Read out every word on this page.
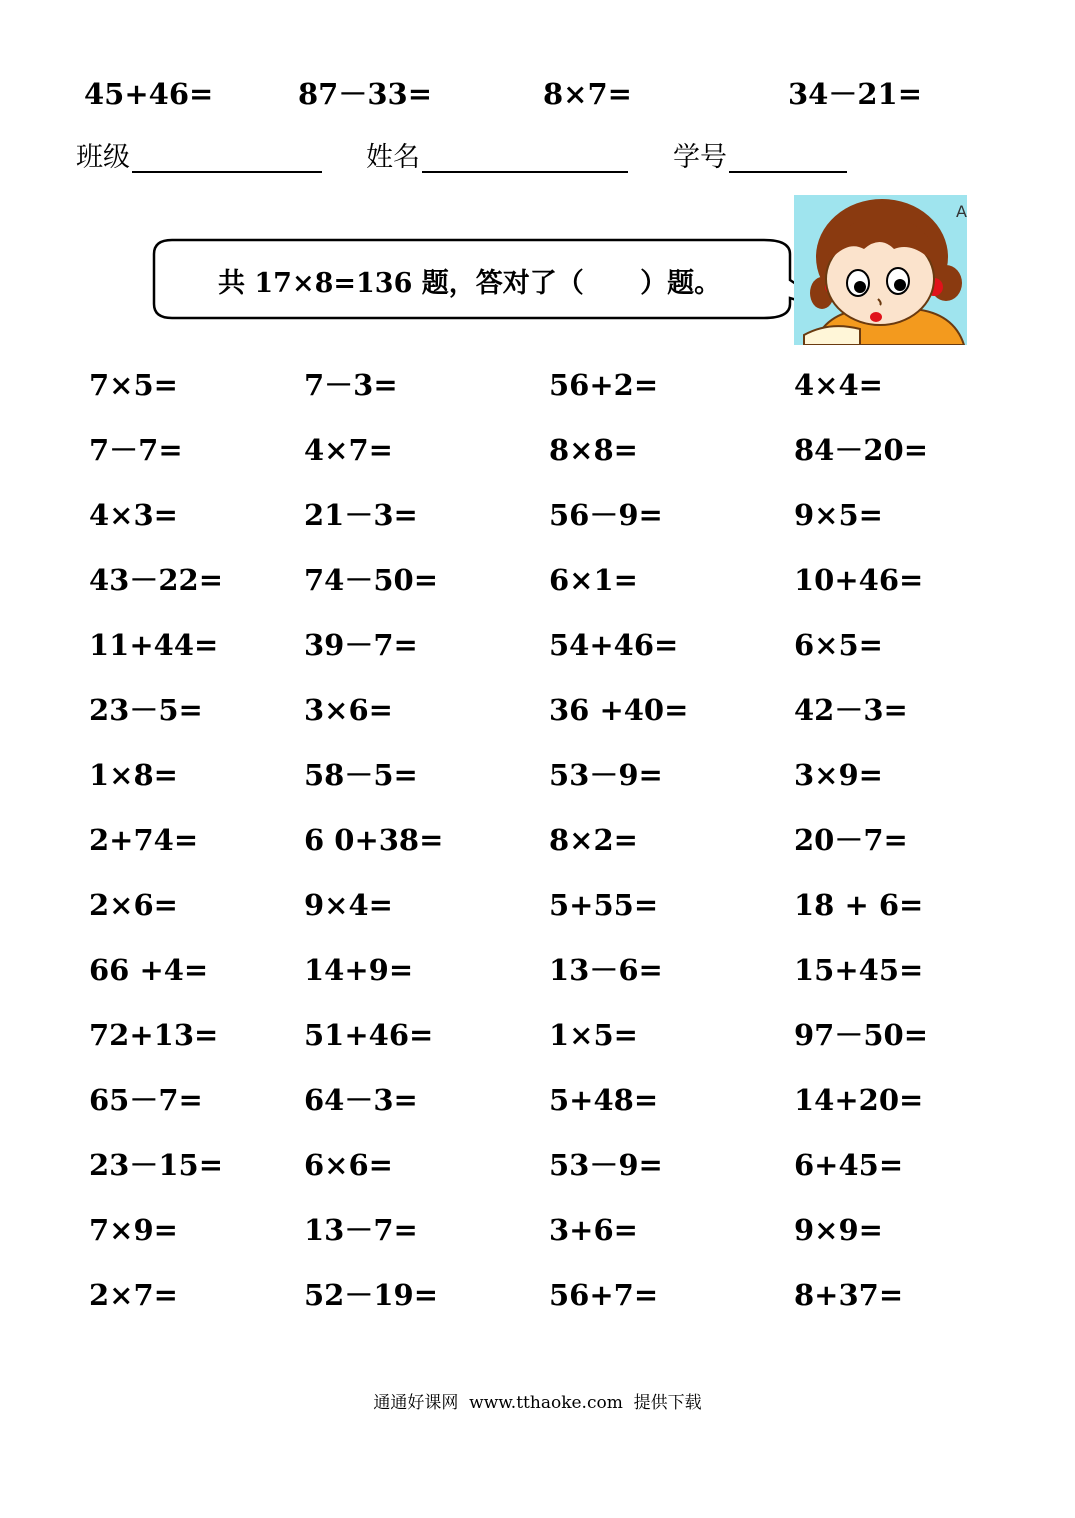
45+46=	87－33=	8×7=	34－21=
班级	姓名	学号
共 17×8=136 题，答对了（      ）题。
A
7×5=	7－3=	56+2=	4×4=
7－7=	4×7=	8×8=	84－20=
4×3=	21－3=	56－9=	9×5=
43－22=	74－50=	6×1=	10+46=
11+44=	39－7=	54+46=	6×5=
23－5=	3×6=	36 +40=	42－3=
1×8=	58－5=	53－9=	3×9=
2+74=	6 0+38=	8×2=	20－7=
2×6=	9×4=	5+55=	18 + 6=
66 +4=	14+9=	13－6=	15+45=
72+13=	51+46=	1×5=	97－50=
65－7=	64－3=	5+48=	14+20=
23－15=	6×6=	53－9=	6+45=
7×9=	13－7=	3+6=	9×9=
2×7=	52－19=	56+7=	8+37=
通通好课网  www.tthaoke.com  提供下载
